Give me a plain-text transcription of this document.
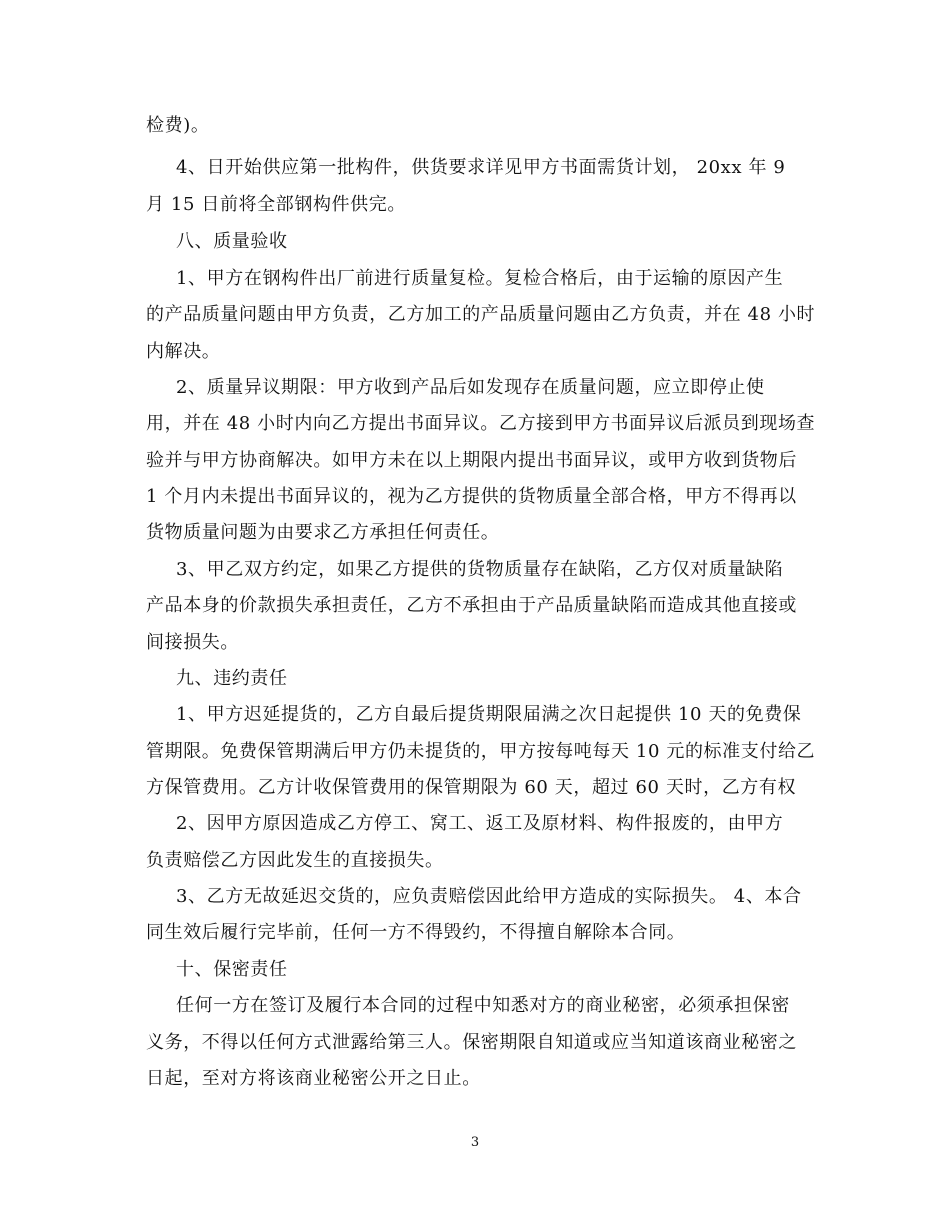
检费)。
4、日开始供应第一批构件，供货要求详见甲方书面需货计划， 20xx 年 9
月 15 日前将全部钢构件供完。
八、质量验收
1、甲方在钢构件出厂前进行质量复检。复检合格后，由于运输的原因产生
的产品质量问题由甲方负责，乙方加工的产品质量问题由乙方负责，并在 48 小时
内解决。
2、质量异议期限：甲方收到产品后如发现存在质量问题，应立即停止使
用，并在 48 小时内向乙方提出书面异议。乙方接到甲方书面异议后派员到现场查
验并与甲方协商解决。如甲方未在以上期限内提出书面异议，或甲方收到货物后
1 个月内未提出书面异议的，视为乙方提供的货物质量全部合格，甲方不得再以
货物质量问题为由要求乙方承担任何责任。
3、甲乙双方约定，如果乙方提供的货物质量存在缺陷，乙方仅对质量缺陷
产品本身的价款损失承担责任，乙方不承担由于产品质量缺陷而造成其他直接或
间接损失。
九、违约责任
1、甲方迟延提货的，乙方自最后提货期限届满之次日起提供 10 天的免费保
管期限。免费保管期满后甲方仍未提货的，甲方按每吨每天 10 元的标准支付给乙
方保管费用。乙方计收保管费用的保管期限为 60 天，超过 60 天时，乙方有权
2、因甲方原因造成乙方停工、窝工、返工及原材料、构件报废的，由甲方
负责赔偿乙方因此发生的直接损失。
3、乙方无故延迟交货的，应负责赔偿因此给甲方造成的实际损失。 4、本合
同生效后履行完毕前，任何一方不得毁约，不得擅自解除本合同。
十、保密责任
任何一方在签订及履行本合同的过程中知悉对方的商业秘密，必须承担保密
义务，不得以任何方式泄露给第三人。保密期限自知道或应当知道该商业秘密之
日起，至对方将该商业秘密公开之日止。
3
